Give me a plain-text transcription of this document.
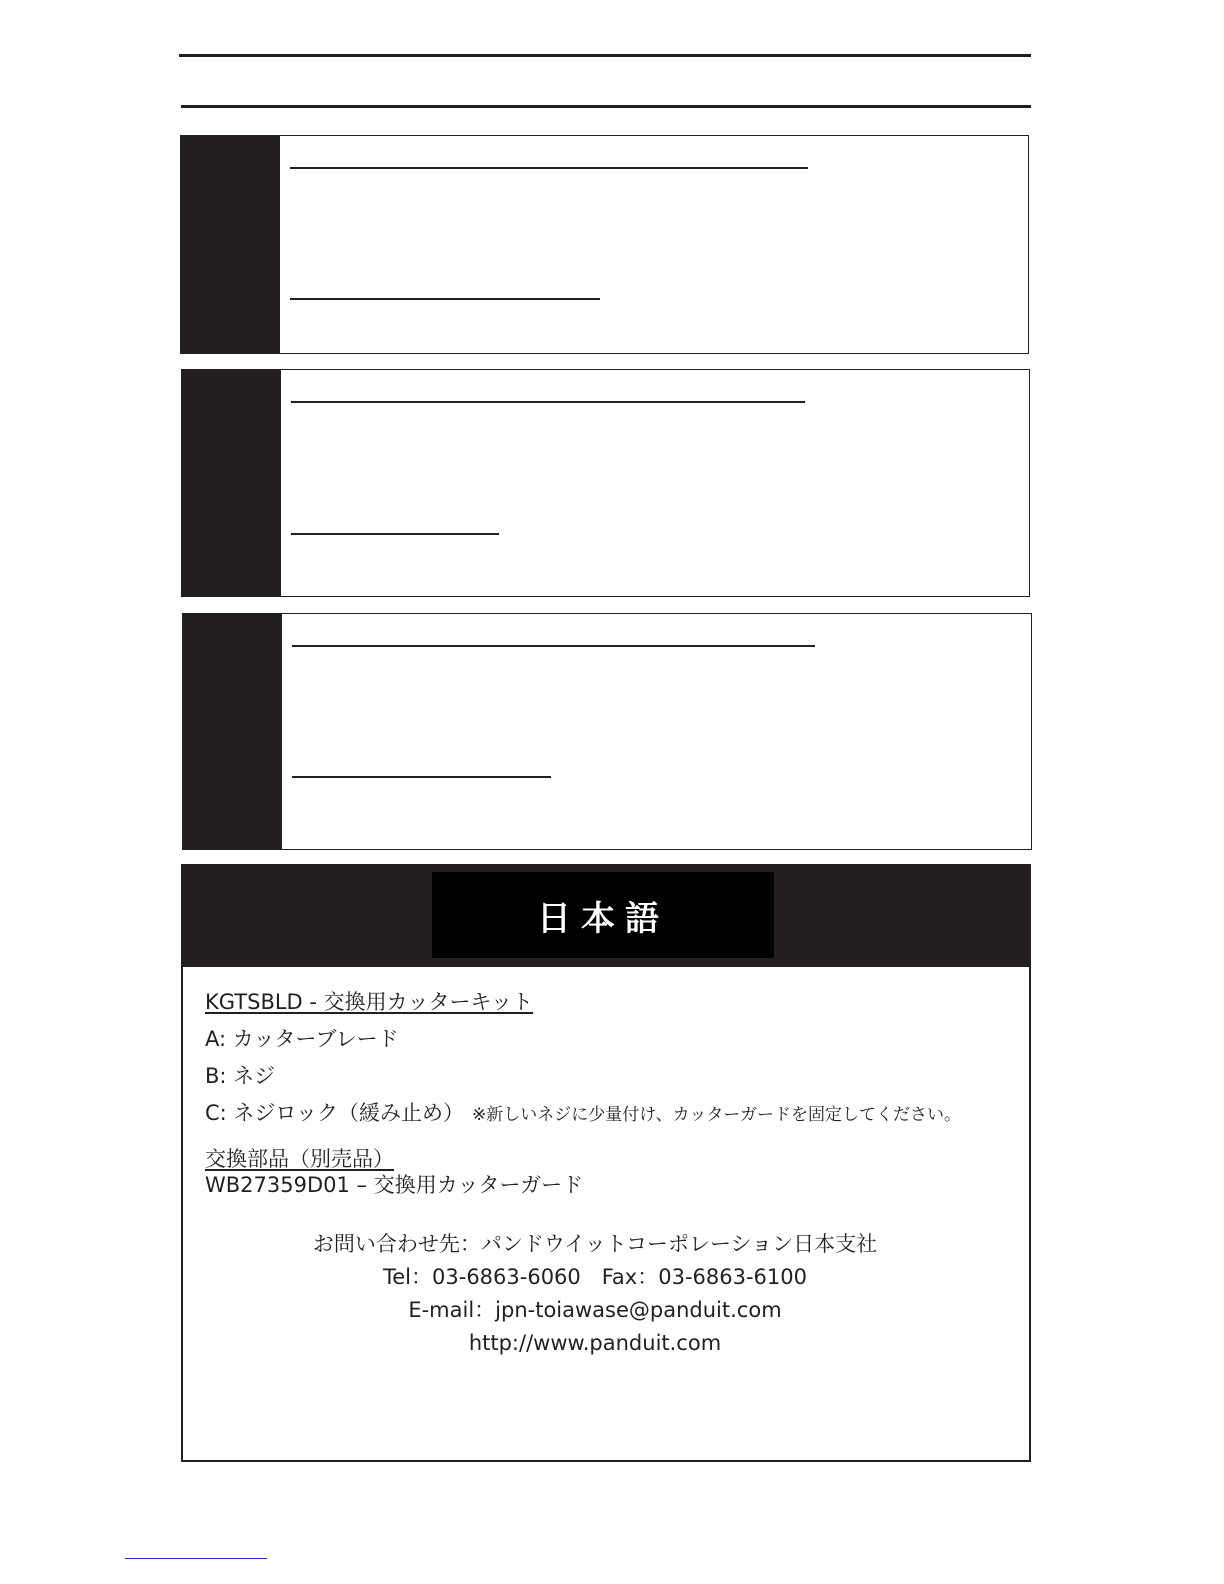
日本語
KGTSBLD - 交換用カッターキット
A: カッターブレード
B: ネジ
C: ネジロック（緩み止め） ※新しいネジに少量付け、カッターガードを固定してください。
交換部品（別売品）
WB27359D01 – 交換用カッターガード
お問い合わせ先：パンドウイットコーポレーション日本支社
Tel：03-6863-6060　Fax：03-6863-6100
E-mail：jpn-toiawase@panduit.com
http://www.panduit.com
